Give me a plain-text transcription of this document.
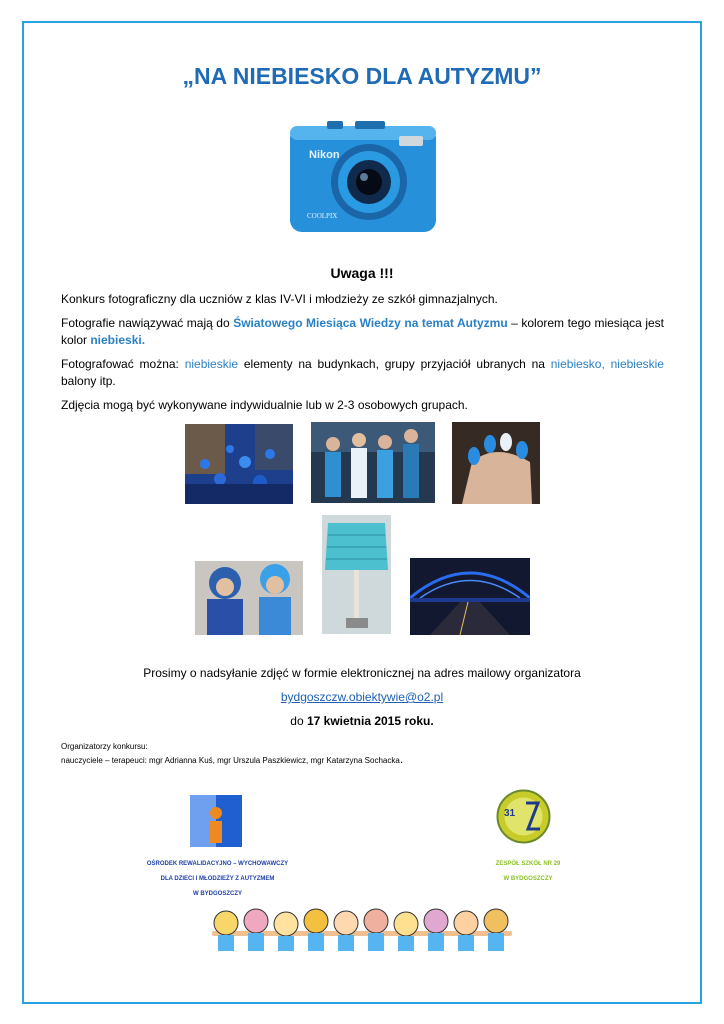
„NA NIEBIESKO DLA AUTYZMU”
Nikon
COOLPIX
Uwaga !!!

Konkurs fotograficzny dla uczniów z klas IV-VI i młodzieży ze szkół gimnazjalnych.

Fotografie nawiązywać mają do Światowego Miesiąca Wiedzy na temat Autyzmu – kolorem tego miesiąca jest kolor niebieski.

Fotografować można: niebieskie elementy na budynkach, grupy przyjaciół ubranych na niebiesko, niebieskie balony itp.

Zdjęcia mogą być wykonywane indywidualnie lub w 2-3 osobowych grupach.

Prosimy o nadsyłanie zdjęć w formie elektronicznej na adres mailowy organizatora

bydgoszczw.obiektywie@o2.pl

do 17 kwietnia 2015 roku.

Organizatorzy konkursu:
nauczyciele – terapeuci: mgr Adrianna Kuś, mgr Urszula Paszkiewicz, mgr Katarzyna Sochacka.
OŚRODEK REWALIDACYJNO – WYCHOWAWCZY
DLA DZIECI I MŁODZIEŻY Z AUTYZMEM
W BYDGOSZCZY
31
ZESPÓŁ SZKÓŁ NR 29
W BYDGOSZCZY
